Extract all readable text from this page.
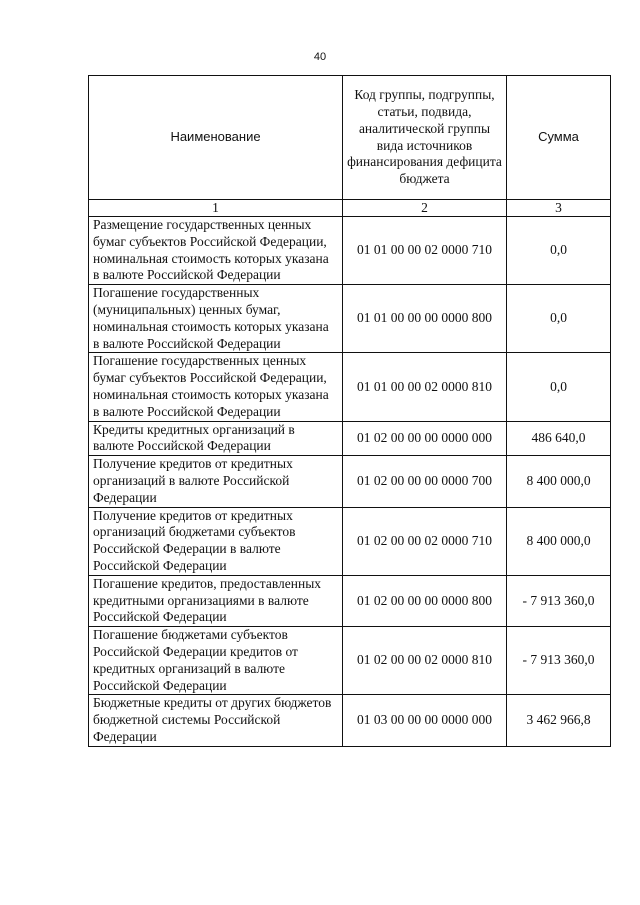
40
Наименование	Код группы, подгруппы, статьи, подвида, аналитической группы вида источников финансирования дефицита бюджета	Сумма
1	2	3
Размещение государственных ценных бумаг субъектов Российской Федерации, номинальная стоимость которых указана в валюте Российской Федерации	01 01 00 00 02 0000 710	0,0
Погашение государственных (муниципальных) ценных бумаг, номинальная стоимость которых указана в валюте Российской Федерации	01 01 00 00 00 0000 800	0,0
Погашение государственных ценных бумаг субъектов Российской Федерации, номинальная стоимость которых указана в валюте Российской Федерации	01 01 00 00 02 0000 810	0,0
Кредиты кредитных организаций в валюте Российской Федерации	01 02 00 00 00 0000 000	486 640,0
Получение кредитов от кредитных организаций в валюте Российской Федерации	01 02 00 00 00 0000 700	8 400 000,0
Получение кредитов от кредитных организаций бюджетами субъектов Российской Федерации в валюте Российской Федерации	01 02 00 00 02 0000 710	8 400 000,0
Погашение кредитов, предоставленных кредитными организациями в валюте Российской Федерации	01 02 00 00 00 0000 800	- 7 913 360,0
Погашение бюджетами субъектов Российской Федерации кредитов от кредитных организаций в валюте Российской Федерации	01 02 00 00 02 0000 810	- 7 913 360,0
Бюджетные кредиты от других бюджетов бюджетной системы Российской Федерации	01 03 00 00 00 0000 000	3 462 966,8
